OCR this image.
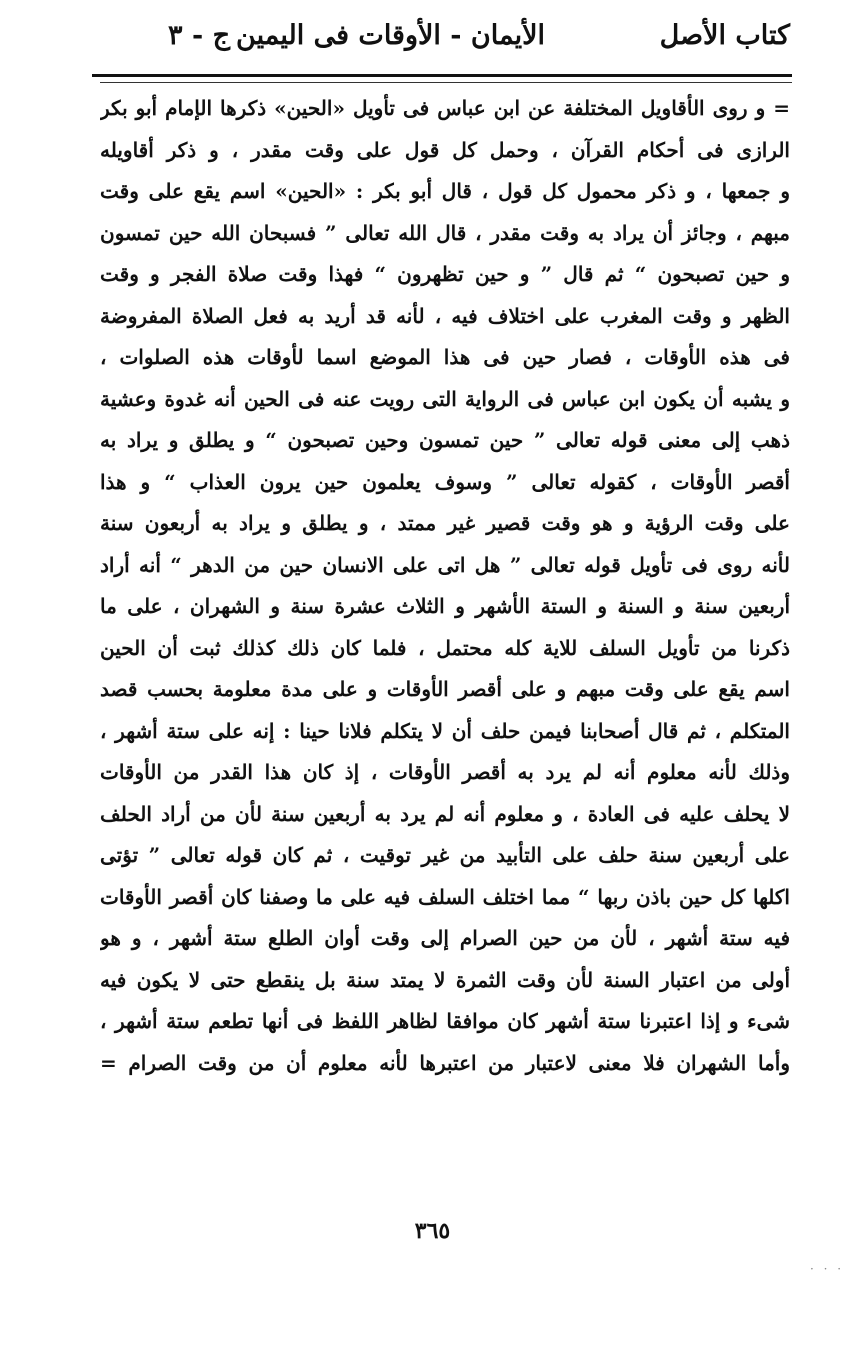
كتاب الأصل
الأيمان - الأوقات فى اليمين
ج - ٣
= و روى الأقاويل المختلفة عن ابن عباس فى تأويل «الحين» ذكرها الإمام أبو بكر
الرازى فى أحكام القرآن ، وحمل كل قول على وقت مقدر ، و ذكر أقاويله
و جمعها ، و ذكر محمول كل قول ، قال أبو بكر : «الحين» اسم يقع على وقت
مبهم ، وجائز أن يراد به وقت مقدر ، قال الله تعالى ” فسبحان الله حين تمسون
و حين تصبحون “ ثم قال ” و حين تظهرون “ فهذا وقت صلاة الفجر و وقت
الظهر و وقت المغرب على اختلاف فيه ، لأنه قد أريد به فعل الصلاة المفروضة
فى هذه الأوقات ، فصار حين فى هذا الموضع اسما لأوقات هذه الصلوات ،
و يشبه أن يكون ابن عباس فى الرواية التى رويت عنه فى الحين أنه غدوة وعشية
ذهب إلى معنى قوله تعالى ” حين تمسون وحين تصبحون “ و يطلق و يراد به
أقصر الأوقات ، كقوله تعالى ” وسوف يعلمون حين يرون العذاب “ و هذا
على وقت الرؤية و هو وقت قصير غير ممتد ، و يطلق و يراد به أربعون سنة
لأنه روى فى تأويل قوله تعالى ” هل اتى على الانسان حين من الدهر “ أنه أراد
أربعين سنة و السنة و الستة الأشهر و الثلاث عشرة سنة و الشهران ، على ما
ذكرنا من تأويل السلف للاية كله محتمل ، فلما كان ذلك كذلك ثبت أن الحين
اسم يقع على وقت مبهم و على أقصر الأوقات و على مدة معلومة بحسب قصد
المتكلم ، ثم قال أصحابنا فيمن حلف أن لا يتكلم فلانا حينا : إنه على ستة أشهر ،
وذلك لأنه معلوم أنه لم يرد به أقصر الأوقات ، إذ كان هذا القدر من الأوقات
لا يحلف عليه فى العادة ، و معلوم أنه لم يرد به أربعين سنة لأن من أراد الحلف
على أربعين سنة حلف على التأبيد من غير توقيت ، ثم كان قوله تعالى ” تؤتى
اكلها كل حين باذن ربها “ مما اختلف السلف فيه على ما وصفنا كان أقصر الأوقات
فيه ستة أشهر ، لأن من حين الصرام إلى وقت أوان الطلع ستة أشهر ، و هو
أولى من اعتبار السنة لأن وقت الثمرة لا يمتد سنة بل ينقطع حتى لا يكون فيه
شىء و إذا اعتبرنا ستة أشهر كان موافقا لظاهر اللفظ فى أنها تطعم ستة أشهر ،
وأما الشهران فلا معنى لاعتبار من اعتبرها لأنه معلوم أن من وقت الصرام =
٣٦٥
· · ·
